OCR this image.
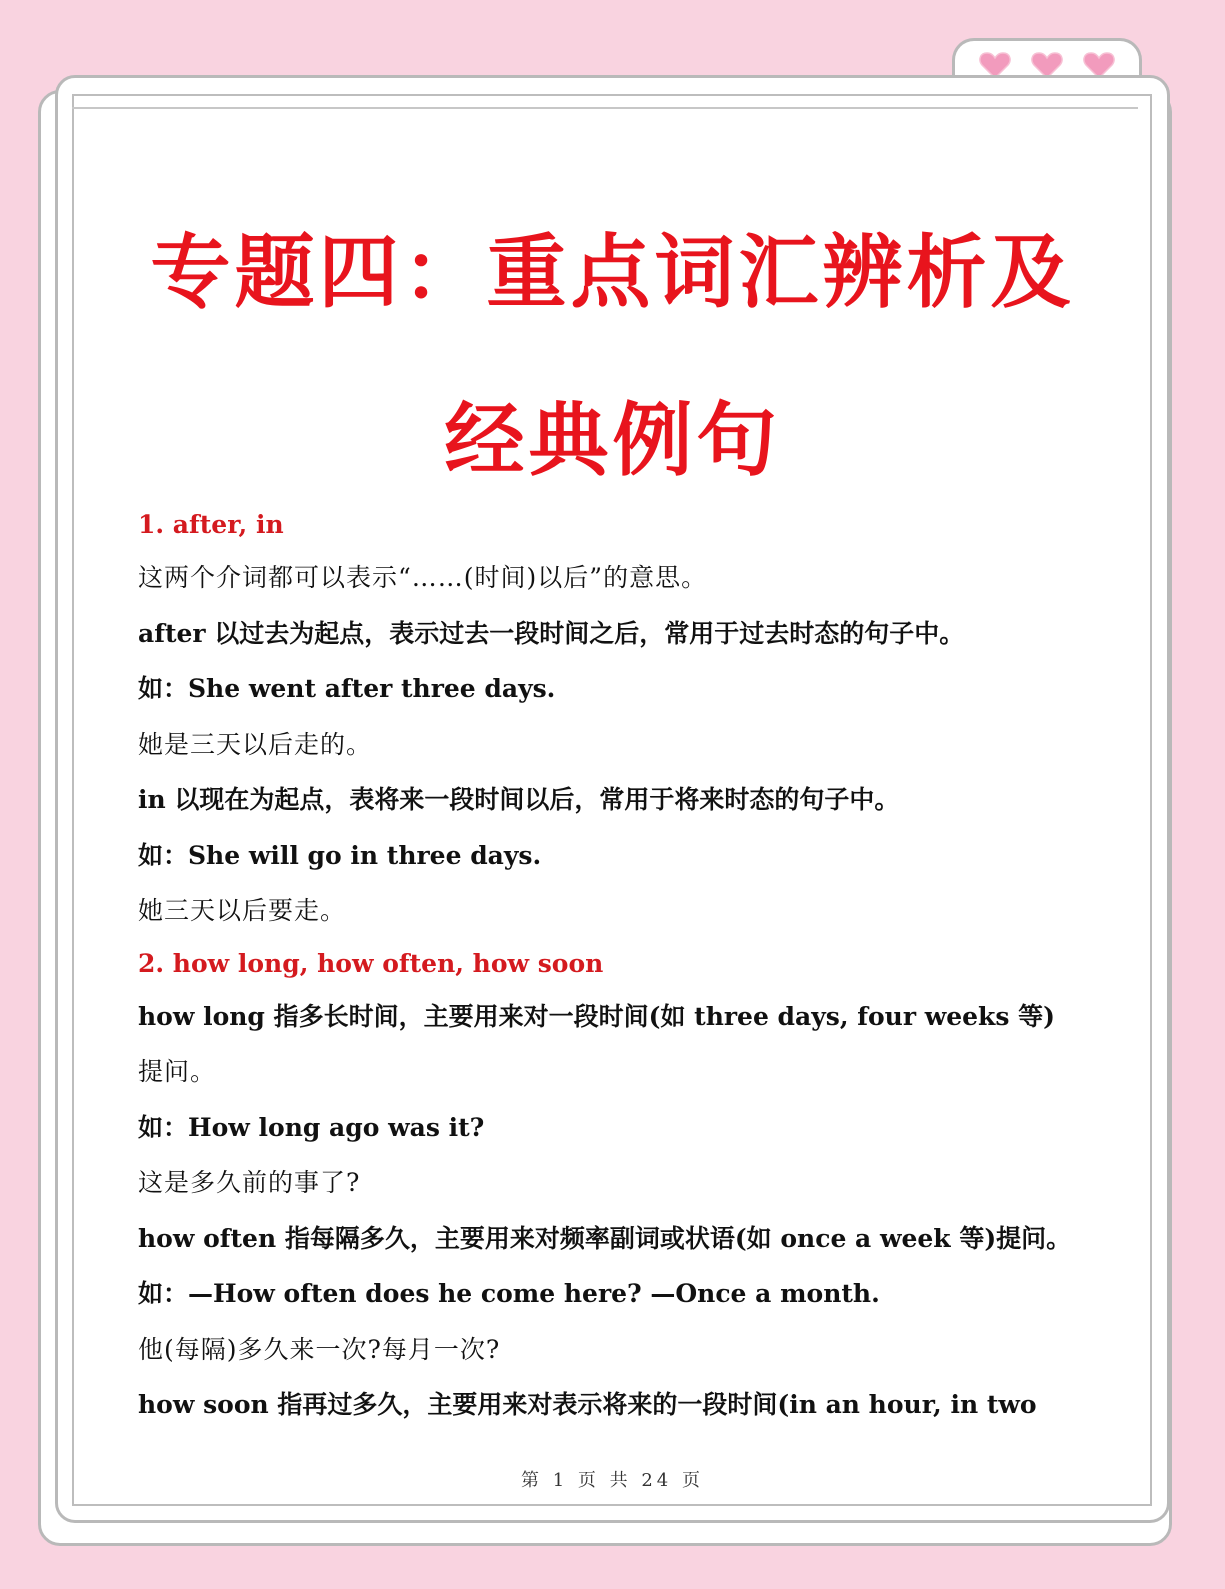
专题四：重点词汇辨析及
经典例句
1. after, in
这两个介词都可以表示“……(时间)以后”的意思。
after 以过去为起点，表示过去一段时间之后，常用于过去时态的句子中。
如：She went after three days.
她是三天以后走的。
in 以现在为起点，表将来一段时间以后，常用于将来时态的句子中。
如：She will go in three days.
她三天以后要走。
2. how long, how often, how soon
how long 指多长时间，主要用来对一段时间(如 three days, four weeks 等)
提问。
如：How long ago was it?
这是多久前的事了?
how often 指每隔多久，主要用来对频率副词或状语(如 once a week 等)提问。
如：—How often does he come here? —Once a month.
他(每隔)多久来一次?每月一次?
how soon 指再过多久，主要用来对表示将来的一段时间(in an hour, in two
第 1 页 共 24 页
